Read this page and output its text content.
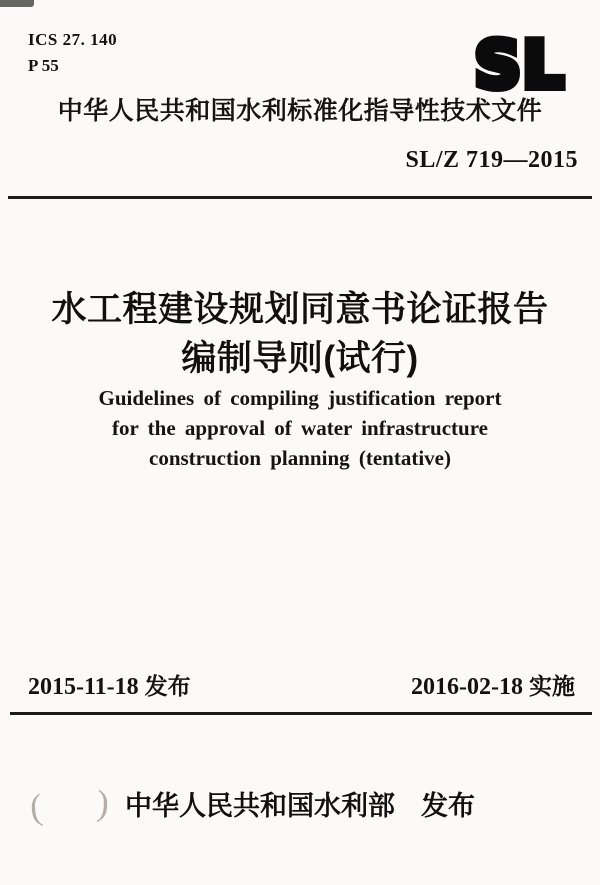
ICS 27. 140
P 55	SL
中华人民共和国水利标准化指导性技术文件
SL/Z 719—2015
水工程建设规划同意书论证报告
编制导则(试行)
Guidelines of compiling justification report
for the approval of water infrastructure
construction planning (tentative)
2015-11-18 发布	2016-02-18 实施
( ) 中华人民共和国水利部 发布
